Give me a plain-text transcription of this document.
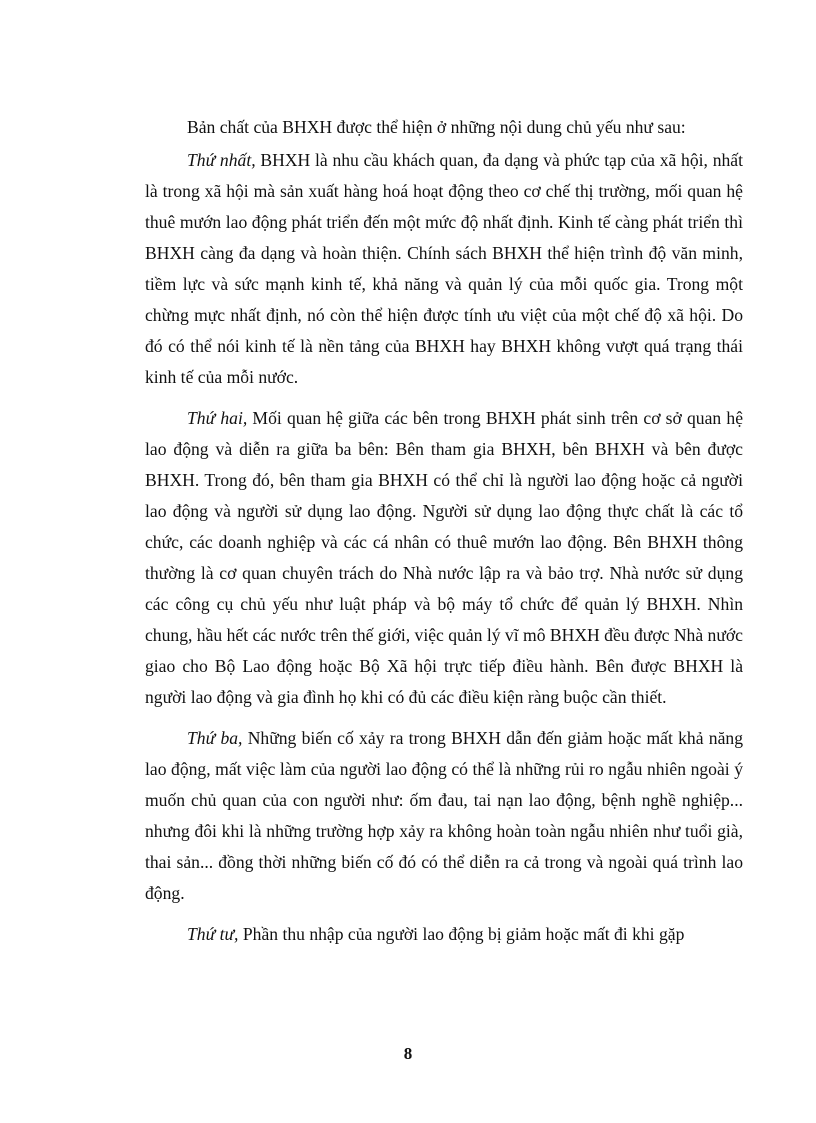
Bản chất của BHXH được thể hiện ở những nội dung chủ yếu như sau:

Thứ nhất, BHXH là nhu cầu khách quan, đa dạng và phức tạp của xã hội, nhất là trong xã hội mà sản xuất hàng hoá hoạt động theo cơ chế thị trường, mối quan hệ thuê mướn lao động phát triển đến một mức độ nhất định. Kinh tế càng phát triển thì BHXH càng đa dạng và hoàn thiện. Chính sách BHXH thể hiện trình độ văn minh, tiềm lực và sức mạnh kinh tế, khả năng và quản lý của mỗi quốc gia. Trong một chừng mực nhất định, nó còn thể hiện được tính ưu việt của một chế độ xã hội. Do đó có thể nói kinh tế là nền tảng của BHXH hay BHXH không vượt quá trạng thái kinh tế của mỗi nước.

Thứ hai, Mối quan hệ giữa các bên trong BHXH phát sinh trên cơ sở quan hệ lao động và diễn ra giữa ba bên: Bên tham gia BHXH, bên BHXH và bên được BHXH. Trong đó, bên tham gia BHXH có thể chỉ là người lao động hoặc cả người lao động và người sử dụng lao động. Người sử dụng lao động thực chất là các tổ chức, các doanh nghiệp và các cá nhân có thuê mướn lao động. Bên BHXH thông thường là cơ quan chuyên trách do Nhà nước lập ra và bảo trợ. Nhà nước sử dụng các công cụ chủ yếu như luật pháp và bộ máy tổ chức để quản lý BHXH. Nhìn chung, hầu hết các nước trên thế giới, việc quản lý vĩ mô BHXH đều được Nhà nước giao cho Bộ Lao động hoặc Bộ Xã hội trực tiếp điều hành. Bên được BHXH là người lao động và gia đình họ khi có đủ các điều kiện ràng buộc cần thiết.

Thứ ba, Những biến cố xảy ra trong BHXH dẫn đến giảm hoặc mất khả năng lao động, mất việc làm của người lao động có thể là những rủi ro ngẫu nhiên ngoài ý muốn chủ quan của con người như: ốm đau, tai nạn lao động, bệnh nghề nghiệp... nhưng đôi khi là những trường hợp xảy ra không hoàn toàn ngẫu nhiên như tuổi già, thai sản... đồng thời những biến cố đó có thể diễn ra cả trong và ngoài quá trình lao động.

Thứ tư, Phần thu nhập của người lao động bị giảm hoặc mất đi khi gặp

8
